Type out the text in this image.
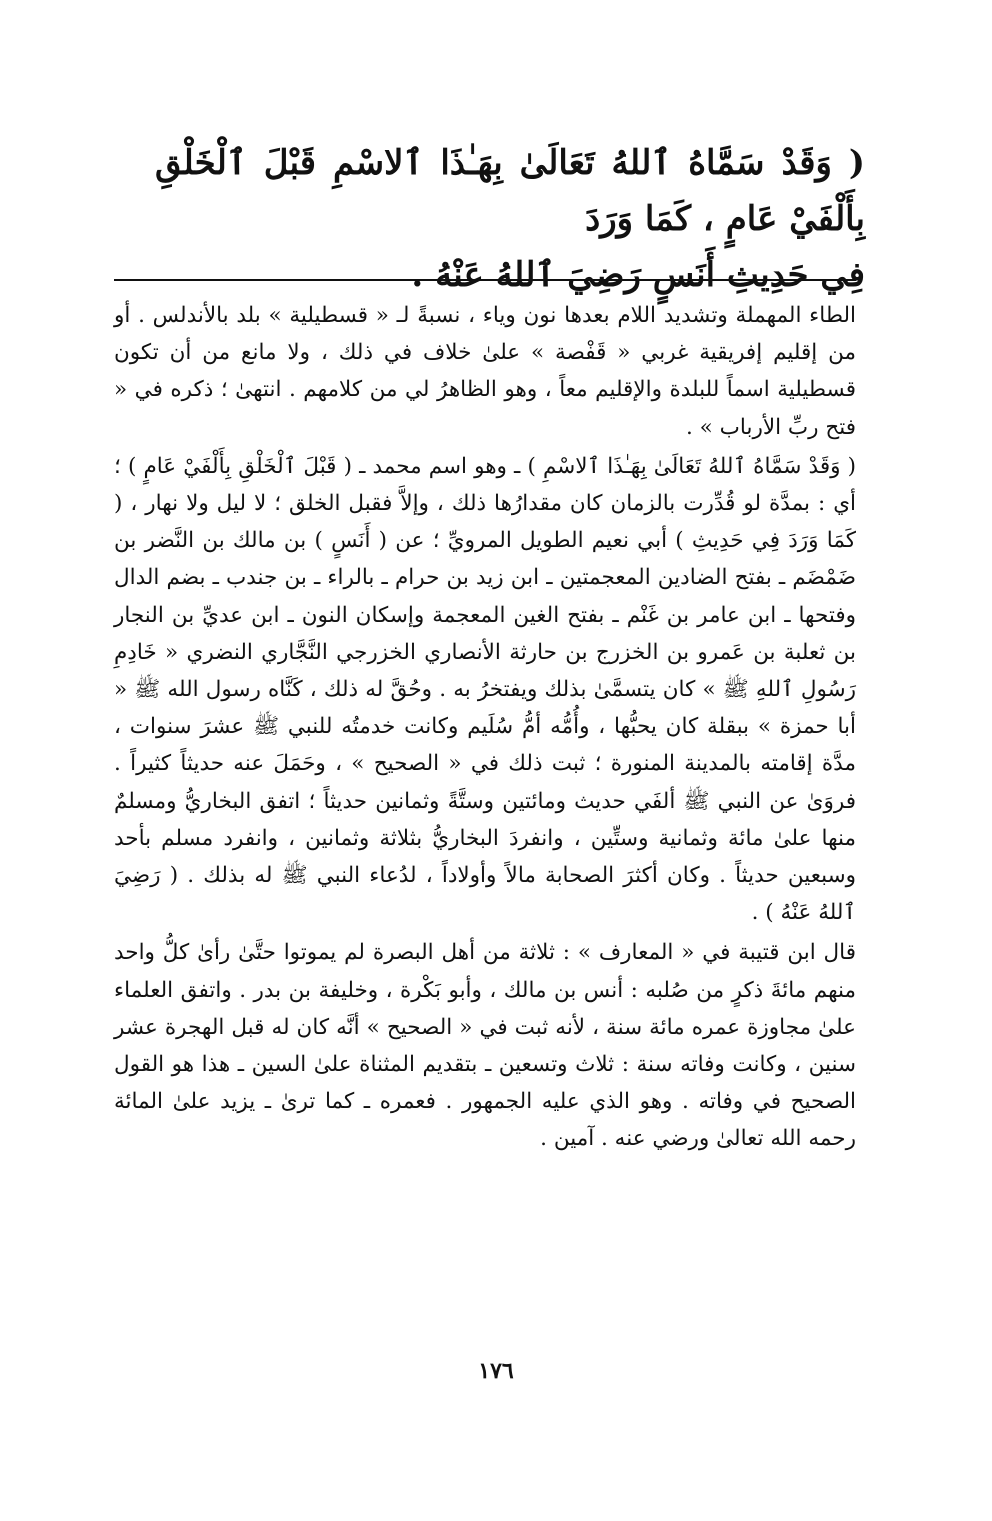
( وَقَدْ سَمَّاهُ ٱللهُ تَعَالَىٰ بِهَـٰذَا ٱلاسْمِ قَبْلَ ٱلْخَلْقِ بِأَلْفَيْ عَامٍ ، كَمَا وَرَدَ

فِي حَدِيثِ أَنَسٍ رَضِيَ ٱللهُ عَنْهُ .

الطاء المهملة وتشديد اللام بعدها نون وياء ، نسبةً لـ « قسطيلية » بلد بالأندلس . أو من إقليم إفريقية غربي « قَفْصة » علىٰ خلاف في ذلك ، ولا مانع من أن تكون قسطيلية اسماً للبلدة والإقليم معاً ، وهو الظاهرُ لي من كلامهم . انتهىٰ ؛ ذكره في « فتح ربِّ الأرباب » .

( وَقَدْ سَمَّاهُ ٱللهُ تَعَالَىٰ بِهَـٰذَا ٱلاسْمِ ) ـ وهو اسم محمد ـ ( قَبْلَ ٱلْخَلْقِ بِأَلْفَيْ عَامٍ ) ؛ أي : بمدَّة لو قُدِّرت بالزمان كان مقدارُها ذلك ، وإلاَّ فقبل الخلق ؛ لا ليل ولا نهار ، ( كَمَا وَرَدَ فِي حَدِيثِ ) أبي نعيم الطويل المرويِّ ؛ عن ( أَنَسٍ ) بن مالك بن النَّضر بن ضَمْضَم ـ بفتح الضادين المعجمتين ـ ابن زيد بن حرام ـ بالراء ـ بن جندب ـ بضم الدال وفتحها ـ ابن عامر بن غَنْم ـ بفتح الغين المعجمة وإسكان النون ـ ابن عديِّ بن النجار بن ثعلبة بن عَمرو بن الخزرج بن حارثة الأنصاري الخزرجي النَّجَّاري النضري « خَادِمِ رَسُولِ ٱللهِ ﷺ » كان يتسمَّىٰ بذلك ويفتخرُ به . وحُقَّ له ذلك ، كَنَّاه رسول الله ﷺ « أبا حمزة » ببقلة كان يحبُّها ، وأُمُّه أمُّ سُلَيم وكانت خدمتُه للنبي ﷺ عشرَ سنوات ، مدَّة إقامته بالمدينة المنورة ؛ ثبت ذلك في « الصحيح » ، وحَمَلَ عنه حديثاً كثيراً . فروَىٰ عن النبي ﷺ ألفَي حديث ومائتين وستَّةً وثمانين حديثاً ؛ اتفق البخاريُّ ومسلمٌ منها علىٰ مائة وثمانية وستِّين ، وانفردَ البخاريُّ بثلاثة وثمانين ، وانفرد مسلم بأحد وسبعين حديثاً . وكان أكثرَ الصحابة مالاً وأولاداً ، لدُعاء النبي ﷺ له بذلك . ( رَضِيَ ٱللهُ عَنْهُ ) .

قال ابن قتيبة في « المعارف » : ثلاثة من أهل البصرة لم يموتوا حتَّىٰ رأىٰ كلُّ واحد منهم مائةَ ذكرٍ من صُلبه : أنس بن مالك ، وأبو بَكْرة ، وخليفة بن بدر . واتفق العلماء علىٰ مجاوزة عمره مائة سنة ، لأنه ثبت في « الصحيح » أنَّه كان له قبل الهجرة عشر سنين ، وكانت وفاته سنة : ثلاث وتسعين ـ بتقديم المثناة علىٰ السين ـ هذا هو القول الصحيح في وفاته . وهو الذي عليه الجمهور . فعمره ـ كما ترىٰ ـ يزيد علىٰ المائة رحمه الله تعالىٰ ورضي عنه . آمين .

١٧٦
